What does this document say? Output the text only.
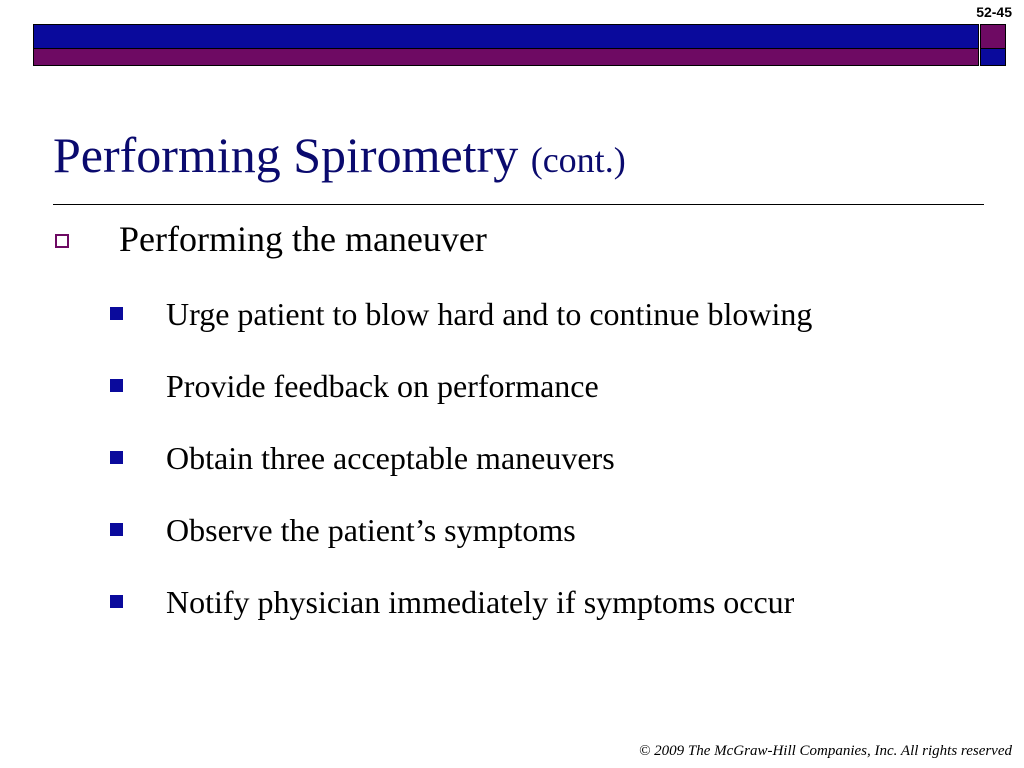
52-45
Performing Spirometry (cont.)
Performing the maneuver
Urge patient to blow hard and to continue blowing
Provide feedback on performance
Obtain three acceptable maneuvers
Observe the patient’s symptoms
Notify physician immediately if symptoms occur
© 2009 The McGraw-Hill Companies, Inc. All rights reserved
